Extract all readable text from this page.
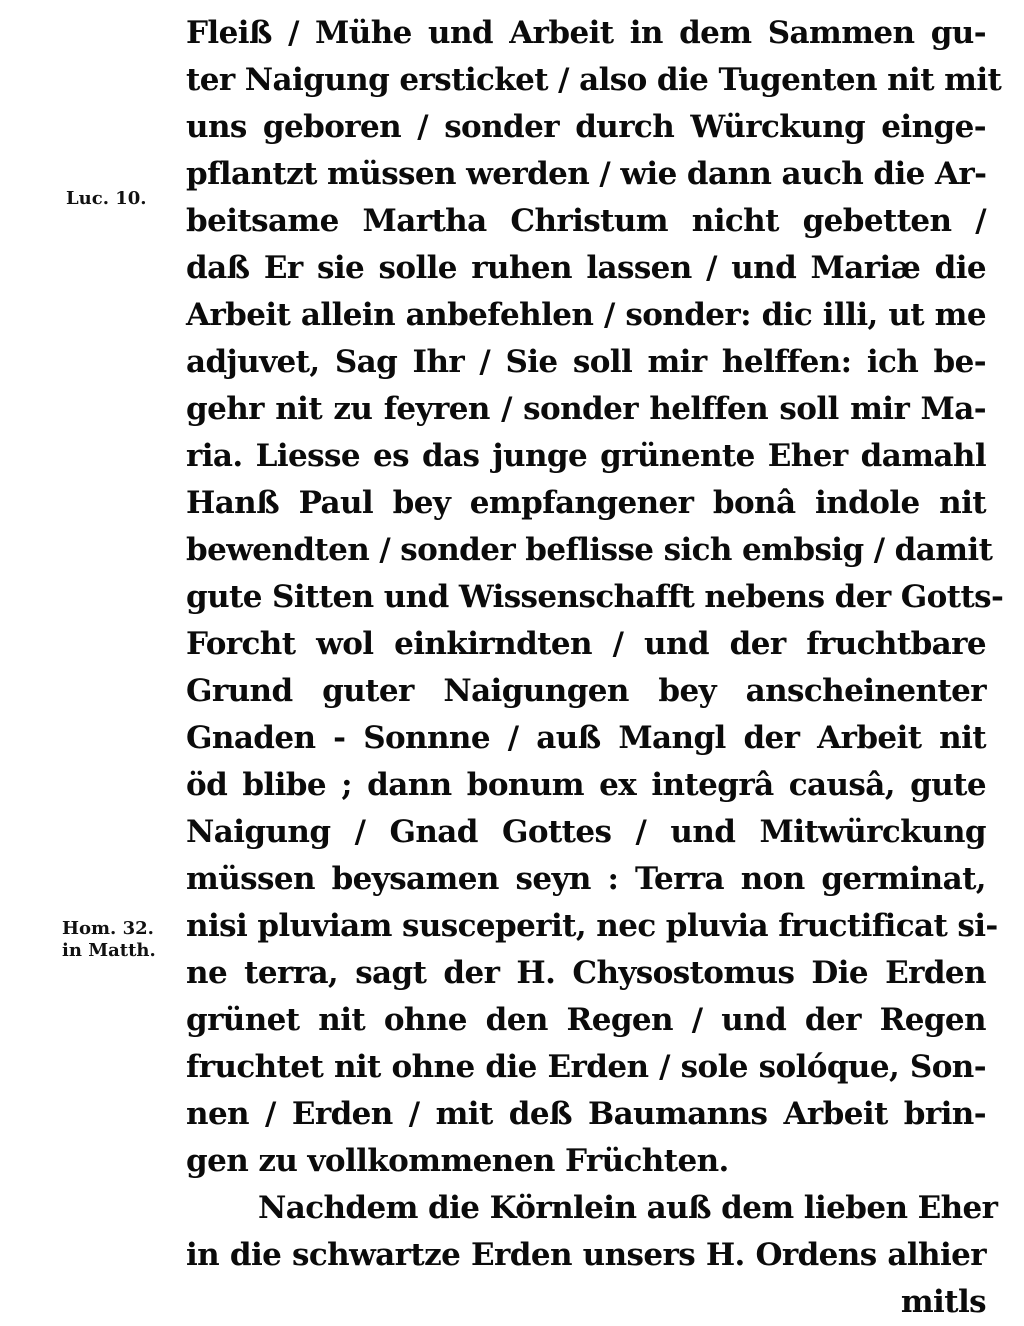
Luc. 10.
Hom. 32.
in Matth.
Fleiß / Mühe und Arbeit in dem Sammen gu-
ter Naigung ersticket / also die Tugenten nit mit
uns geboren / sonder durch Würckung einge-
pflantzt müssen werden / wie dann auch die Ar-
beitsame Martha Christum nicht gebetten /
daß Er sie solle ruhen lassen / und Mariæ die
Arbeit allein anbefehlen / sonder: dic illi, ut me
adjuvet, Sag Ihr / Sie soll mir helffen: ich be-
gehr nit zu feyren / sonder helffen soll mir Ma-
ria. Liesse es das junge grünente Eher damahl
Hanß Paul bey empfangener bonâ indole nit
bewendten / sonder beflisse sich embsig / damit
gute Sitten und Wissenschafft nebens der Gotts-
Forcht wol einkirndten / und der fruchtbare
Grund guter Naigungen bey anscheinenter
Gnaden - Sonnne / auß Mangl der Arbeit nit
öd blibe ; dann bonum ex integrâ causâ, gute
Naigung / Gnad Gottes / und Mitwürckung
müssen beysamen seyn : Terra non germinat,
nisi pluviam susceperit, nec pluvia fructificat si-
ne terra, sagt der H. Chysostomus Die Erden
grünet nit ohne den Regen / und der Regen
fruchtet nit ohne die Erden / sole solóque, Son-
nen / Erden / mit deß Baumanns Arbeit brin-
gen zu vollkommenen Früchten.
Nachdem die Körnlein auß dem lieben Eher
in die schwartze Erden unsers H. Ordens alhier
mitls
